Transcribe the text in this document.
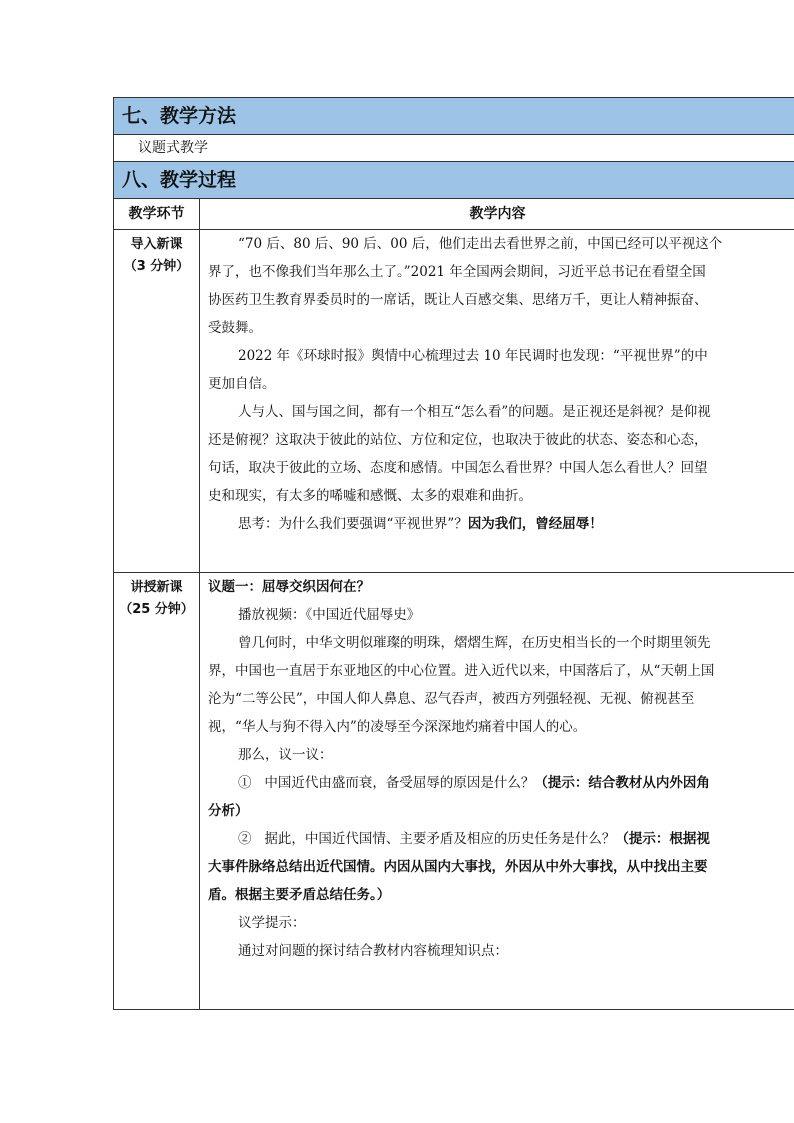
七、教学方法
议题式教学
八、教学过程
教学环节	教学内容
导入新课
（3 分钟）
“70 后、80 后、90 后、00 后，他们走出去看世界之前，中国已经可以平视这个
界了，也不像我们当年那么土了。”2021 年全国两会期间，习近平总书记在看望全国
协医药卫生教育界委员时的一席话，既让人百感交集、思绪万千，更让人精神振奋、
受鼓舞。
2022 年《环球时报》舆情中心梳理过去 10 年民调时也发现：“平视世界”的中
更加自信。
人与人、国与国之间，都有一个相互“怎么看”的问题。是正视还是斜视？是仰视
还是俯视？这取决于彼此的站位、方位和定位，也取决于彼此的状态、姿态和心态，
句话，取决于彼此的立场、态度和感情。中国怎么看世界？中国人怎么看世人？回望
史和现实，有太多的唏嘘和感慨、太多的艰难和曲折。
思考：为什么我们要强调“平视世界”？因为我们，曾经屈辱！
讲授新课
（25 分钟）
议题一：屈辱交织因何在？
播放视频：《中国近代屈辱史》
曾几何时，中华文明似璀璨的明珠，熠熠生辉，在历史相当长的一个时期里领先
界，中国也一直居于东亚地区的中心位置。进入近代以来，中国落后了，从“天朝上国
沦为“二等公民”，中国人仰人鼻息、忍气吞声，被西方列强轻视、无视、俯视甚至
视，“华人与狗不得入内”的凌辱至今深深地灼痛着中国人的心。
那么，议一议：
① 中国近代由盛而衰，备受屈辱的原因是什么？（提示：结合教材从内外因角
分析）
② 据此，中国近代国情、主要矛盾及相应的历史任务是什么？（提示：根据视
大事件脉络总结出近代国情。内因从国内大事找，外因从中外大事找，从中找出主要
盾。根据主要矛盾总结任务。）
议学提示：
通过对问题的探讨结合教材内容梳理知识点：
